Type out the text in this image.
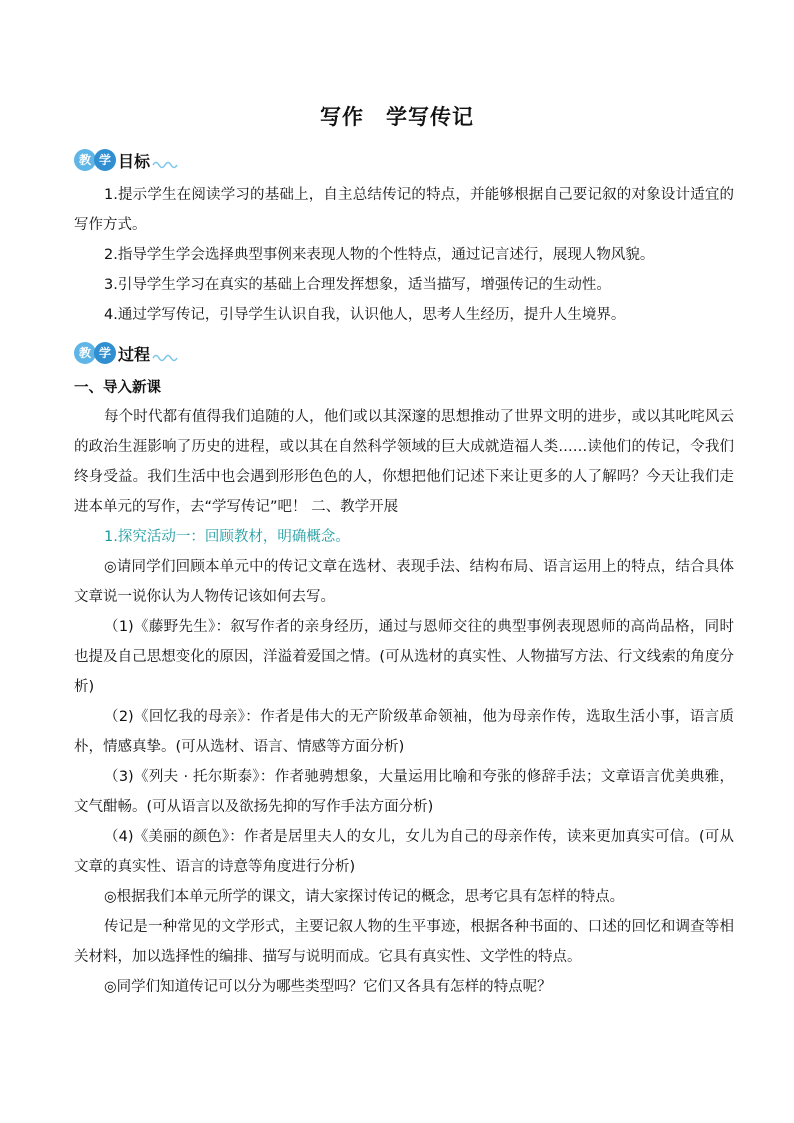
写作　学写传记
教 学 目标

1.提示学生在阅读学习的基础上，自主总结传记的特点，并能够根据自己要记叙的对象设计适宜的写作方式。

2.指导学生学会选择典型事例来表现人物的个性特点，通过记言述行，展现人物风貌。

3.引导学生学习在真实的基础上合理发挥想象，适当描写，增强传记的生动性。

4.通过学写传记，引导学生认识自我，认识他人，思考人生经历，提升人生境界。

教 学 过程

一、导入新课

每个时代都有值得我们追随的人，他们或以其深邃的思想推动了世界文明的进步，或以其叱咤风云的政治生涯影响了历史的进程，或以其在自然科学领域的巨大成就造福人类……读他们的传记，令我们终身受益。我们生活中也会遇到形形色色的人，你想把他们记述下来让更多的人了解吗？今天让我们走进本单元的写作，去“学写传记”吧！ 二、教学开展

1.探究活动一：回顾教材，明确概念。

◎请同学们回顾本单元中的传记文章在选材、表现手法、结构布局、语言运用上的特点，结合具体文章说一说你认为人物传记该如何去写。

（1)《藤野先生》：叙写作者的亲身经历，通过与恩师交往的典型事例表现恩师的高尚品格，同时也提及自己思想变化的原因，洋溢着爱国之情。(可从选材的真实性、人物描写方法、行文线索的角度分析)

（2)《回忆我的母亲》：作者是伟大的无产阶级革命领袖，他为母亲作传，选取生活小事，语言质朴，情感真挚。(可从选材、语言、情感等方面分析)

（3)《列夫 · 托尔斯泰》：作者驰骋想象，大量运用比喻和夸张的修辞手法；文章语言优美典雅，文气酣畅。(可从语言以及欲扬先抑的写作手法方面分析)

（4)《美丽的颜色》：作者是居里夫人的女儿，女儿为自己的母亲作传，读来更加真实可信。(可从文章的真实性、语言的诗意等角度进行分析)

◎根据我们本单元所学的课文，请大家探讨传记的概念，思考它具有怎样的特点。

传记是一种常见的文学形式，主要记叙人物的生平事迹，根据各种书面的、口述的回忆和调查等相关材料，加以选择性的编排、描写与说明而成。它具有真实性、文学性的特点。

◎同学们知道传记可以分为哪些类型吗？它们又各具有怎样的特点呢？
